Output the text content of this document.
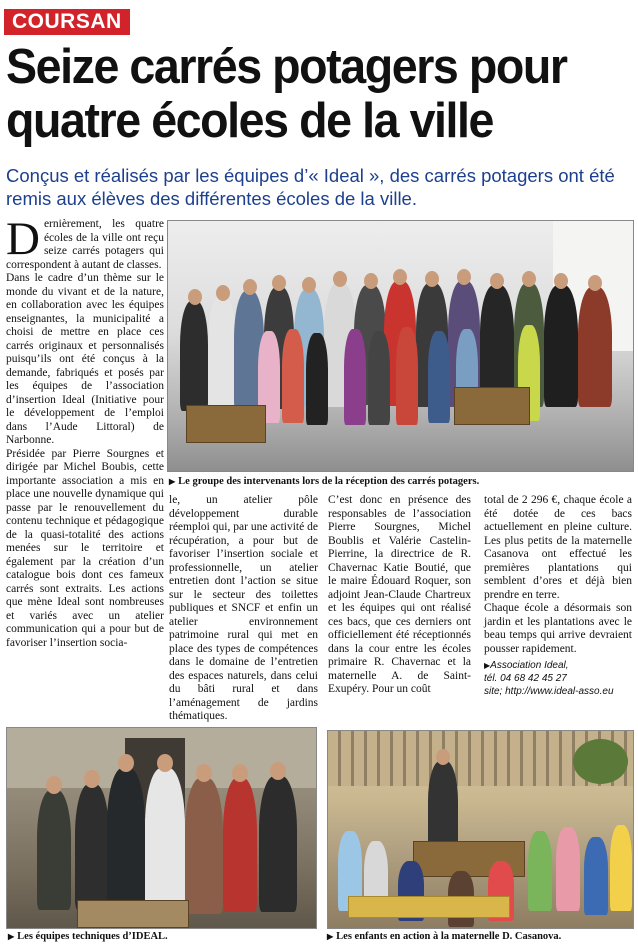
COURSAN
Seize carrés potagers pour quatre écoles de la ville

Conçus et réalisés par les équipes d’« Ideal », des carrés potagers ont été remis aux élèves des différentes écoles de la ville.

Dernièrement, les quatre écoles de la ville ont reçu seize carrés potagers qui correspondent à autant de classes.

Dans le cadre d’un thème sur le monde du vivant et de la nature, en collaboration avec les équipes enseignantes, la municipalité a choisi de mettre en place ces carrés originaux et personnalisés puisqu’ils ont été conçus à la demande, fabriqués et posés par les équipes de l’association d’insertion Ideal (Initiative pour le développement de l’emploi dans l’Aude Littoral) de Narbonne.

Présidée par Pierre Sourgnes et dirigée par Michel Boubis, cette importante association a mis en place une nouvelle dynamique qui passe par le renouvellement du contenu technique et pédagogique de la quasi-totalité des actions menées sur le territoire et également par la création d’un catalogue bois dont ces fameux carrés sont extraits. Les actions que mène Ideal sont nombreuses et variés avec un atelier communication qui a pour but de favoriser l’insertion socia-

▶ Le groupe des intervenants lors de la réception des carrés potagers.

le, un atelier pôle développement durable réemploi qui, par une activité de récupération, a pour but de favoriser l’insertion sociale et professionnelle, un atelier entretien dont l’action se situe sur le secteur des toilettes publiques et SNCF et enfin un atelier environnement patrimoine rural qui met en place des types de compétences dans le domaine de l’entretien des espaces naturels, dans celui du bâti rural et dans l’aménagement de jardins thématiques.

C’est donc en présence des responsables de l’association Pierre Sourgnes, Michel Boublis et Valérie Castelin-Pierrine, la directrice de R. Chavernac Katie Boutié, que le maire Édouard Roquer, son adjoint Jean-Claude Chartreux et les équipes qui ont réalisé ces bacs, que ces derniers ont officiellement été réceptionnés dans la cour entre les écoles primaire R. Chavernac et la maternelle A. de Saint-Exupéry. Pour un coût

total de 2 296 €, chaque école a été dotée de ces bacs actuellement en pleine culture. Les plus petits de la maternelle Casanova ont effectué les premières plantations qui semblent d’ores et déjà bien prendre en terre.

Chaque école a désormais son jardin et les plantations avec le beau temps qui arrive devraient pousser rapidement.

▶Association Ideal,
tél. 04 68 42 45 27
site; http://www.ideal-asso.eu
▶ Les équipes techniques d’IDEAL.	▶ Les enfants en action à la maternelle D. Casanova.
